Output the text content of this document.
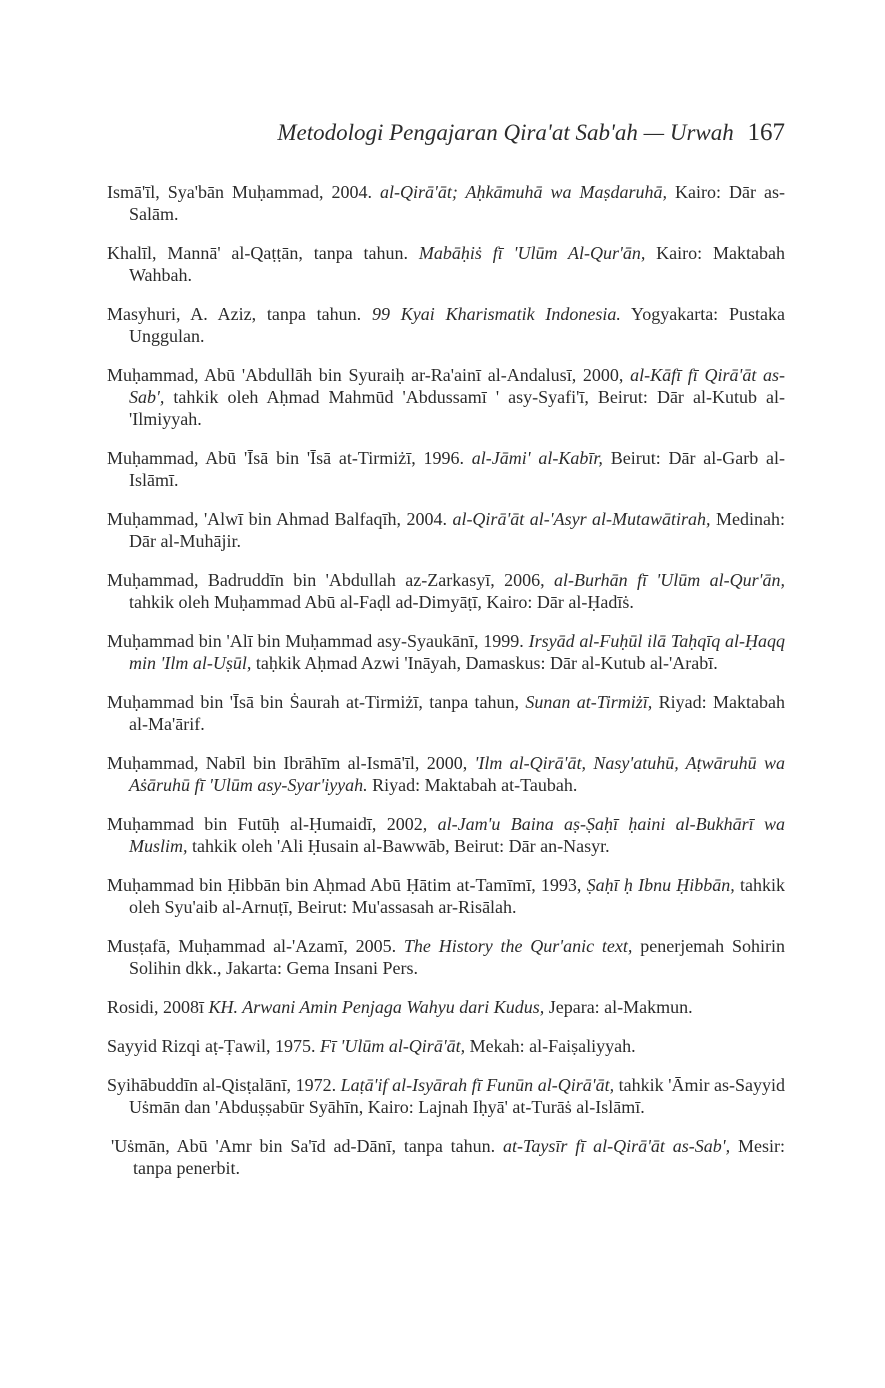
Metodologi Pengajaran Qira'at Sab'ah — Urwah 167

Ismā'īl, Sya'bān Muḥammad, 2004. al-Qirā'āt; Aḥkāmuhā wa Maṣdaruhā, Kairo: Dār as-Salām.

Khalīl, Mannā' al-Qaṭṭān, tanpa tahun. Mabāḥiṡ fī 'Ulūm Al-Qur'ān, Kairo: Maktabah Wahbah.

Masyhuri, A. Aziz, tanpa tahun. 99 Kyai Kharismatik Indonesia. Yogyakarta: Pustaka Unggulan.

Muḥammad, Abū 'Abdullāh bin Syuraiḥ ar-Ra'ainī al-Andalusī, 2000, al-Kāfī fī Qirā'āt as-Sab', tahkik oleh Aḥmad Mahmūd 'Abdussamī ' asy-Syafi'ī, Beirut: Dār al-Kutub al-'Ilmiyyah.

Muḥammad, Abū 'Īsā bin 'Īsā at-Tirmiżī, 1996. al-Jāmi' al-Kabīr, Beirut: Dār al-Garb al-Islāmī.

Muḥammad, 'Alwī bin Ahmad Balfaqīh, 2004. al-Qirā'āt al-'Asyr al-Mutawātirah, Medinah: Dār al-Muhājir.

Muḥammad, Badruddīn bin 'Abdullah az-Zarkasyī, 2006, al-Burhān fī 'Ulūm al-Qur'ān, tahkik oleh Muḥammad Abū al-Faḍl ad-Dimyāṭī, Kairo: Dār al-Ḥadīṡ.

Muḥammad bin 'Alī bin Muḥammad asy-Syaukānī, 1999. Irsyād al-Fuḥūl ilā Taḥqīq al-Ḥaqq min 'Ilm al-Uṣūl, taḥkik Aḥmad Azwi 'Ināyah, Damaskus: Dār al-Kutub al-'Arabī.

Muḥammad bin 'Īsā bin Ṡaurah at-Tirmiżī, tanpa tahun, Sunan at-Tirmiżī, Riyad: Maktabah al-Ma'ārif.

Muḥammad, Nabīl bin Ibrāhīm al-Ismā'īl, 2000, 'Ilm al-Qirā'āt, Nasy'atuhū, Aṭwāruhū wa Aṡāruhū fī 'Ulūm asy-Syar'iyyah. Riyad: Maktabah at-Taubah.

Muḥammad bin Futūḥ al-Ḥumaidī, 2002, al-Jam'u Baina aṣ-Ṣaḥī ḥaini al-Bukhārī wa Muslim, tahkik oleh 'Ali Ḥusain al-Bawwāb, Beirut: Dār an-Nasyr.

Muḥammad bin Ḥibbān bin Aḥmad Abū Ḥātim at-Tamīmī, 1993, Ṣaḥī ḥ Ibnu Ḥibbān, tahkik oleh Syu'aib al-Arnuṭī, Beirut: Mu'assasah ar-Risālah.

Musṭafā, Muḥammad al-'Azamī, 2005. The History the Qur'anic text, penerjemah Sohirin Solihin dkk., Jakarta: Gema Insani Pers.

Rosidi, 2008ī KH. Arwani Amin Penjaga Wahyu dari Kudus, Jepara: al-Makmun.

Sayyid Rizqi aṭ-Ṭawil, 1975. Fī 'Ulūm al-Qirā'āt, Mekah: al-Faiṣaliyyah.

Syihābuddīn al-Qisṭalānī, 1972. Laṭā'if al-Isyārah fī Funūn al-Qirā'āt, tahkik 'Āmir as-Sayyid Uṡmān dan 'Abduṣṣabūr Syāhīn, Kairo: Lajnah Iḥyā' at-Turāṡ al-Islāmī.

'Uṡmān, Abū 'Amr bin Sa'īd ad-Dānī, tanpa tahun. at-Taysīr fī al-Qirā'āt as-Sab', Mesir: tanpa penerbit.
